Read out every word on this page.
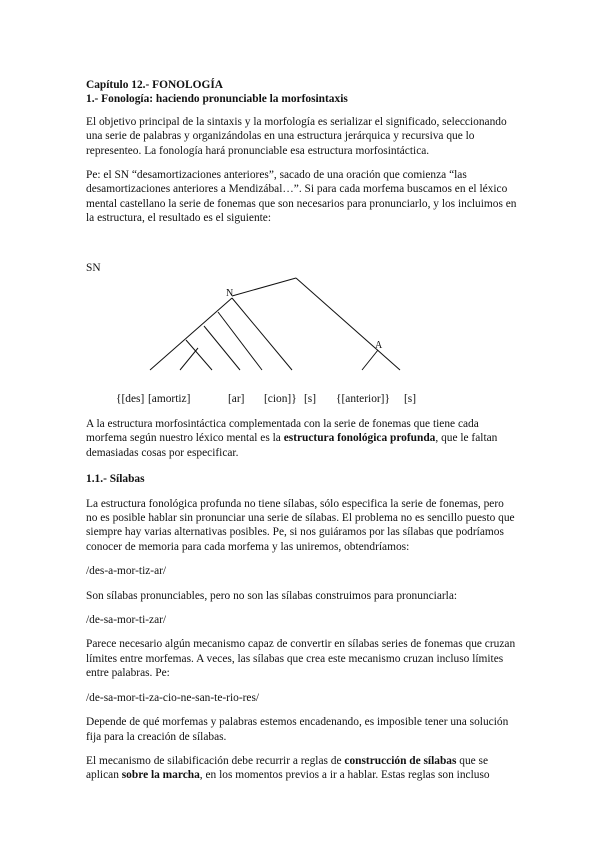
Capítulo 12.- FONOLOGÍA
1.- Fonología: haciendo pronunciable la morfosintaxis

El objetivo principal de la sintaxis y la morfología es serializar el significado, seleccionando una serie de palabras y organizándolas en una estructura jerárquica y recursiva que lo representeo. La fonología hará pronunciable esa estructura morfosintáctica.

Pe: el SN “desamortizaciones anteriores”, sacado de una oración que comienza “las desamortizaciones anteriores a Mendizábal…”. Si para cada morfema buscamos en el léxico mental castellano la serie de fonemas que son necesarios para pronunciarlo, y los incluimos en la estructura, el resultado es el siguiente:

SN
N
A
{[des] [amortiz]	[ar] [cion]} [s] {[anterior]} [s]

A la estructura morfosintáctica complementada con la serie de fonemas que tiene cada morfema según nuestro léxico mental es la estructura fonológica profunda, que le faltan demasiadas cosas por especificar.

1.1.- Sílabas

La estructura fonológica profunda no tiene sílabas, sólo especifica la serie de fonemas, pero no es posible hablar sin pronunciar una serie de sílabas. El problema no es sencillo puesto que siempre hay varias alternativas posibles. Pe, si nos guiáramos por las sílabas que podríamos conocer de memoria para cada morfema y las uniremos, obtendríamos:

/des-a-mor-tiz-ar/

Son sílabas pronunciables, pero no son las sílabas construimos para pronunciarla:

/de-sa-mor-ti-zar/

Parece necesario algún mecanismo capaz de convertir en sílabas series de fonemas que cruzan límites entre morfemas. A veces, las sílabas que crea este mecanismo cruzan incluso límites entre palabras. Pe:

/de-sa-mor-ti-za-cio-ne-san-te-rio-res/

Depende de qué morfemas y palabras estemos encadenando, es imposible tener una solución fija para la creación de sílabas.

El mecanismo de silabificación debe recurrir a reglas de construcción de sílabas que se aplican sobre la marcha, en los momentos previos a ir a hablar. Estas reglas son incluso
